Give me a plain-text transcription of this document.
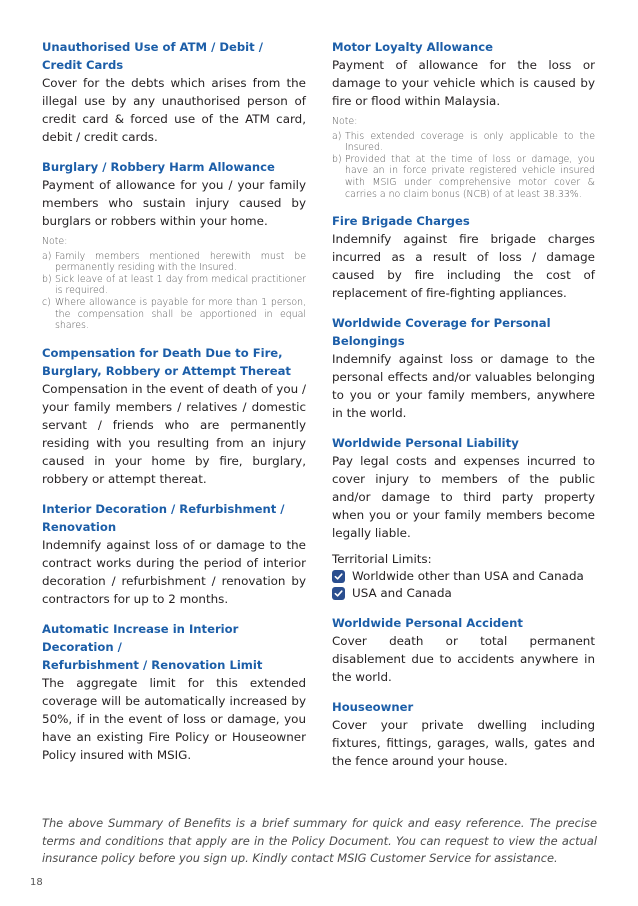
Unauthorised Use of ATM / Debit /
Credit Cards

Cover for the debts which arises from the illegal use by any unauthorised person of credit card & forced use of the ATM card, debit / credit cards.

Burglary / Robbery Harm Allowance

Payment of allowance for you / your family members who sustain injury caused by burglars or robbers within your home.

Note:

a) Family members mentioned herewith must be permanently residing with the Insured.
b) Sick leave of at least 1 day from medical practitioner is required.
c) Where allowance is payable for more than 1 person, the compensation shall be apportioned in equal shares.

Compensation for Death Due to Fire,
Burglary, Robbery or Attempt Thereat

Compensation in the event of death of you / your family members / relatives / domestic servant / friends who are permanently residing with you resulting from an injury caused in your home by fire, burglary, robbery or attempt thereat.

Interior Decoration / Refurbishment /
Renovation

Indemnify against loss of or damage to the contract works during the period of interior decoration / refurbishment / renovation by contractors for up to 2 months.

Automatic Increase in Interior Decoration /
Refurbishment / Renovation Limit

The aggregate limit for this extended coverage will be automatically increased by 50%, if in the event of loss or damage, you have an existing Fire Policy or Houseowner Policy insured with MSIG.

Motor Loyalty Allowance

Payment of allowance for the loss or damage to your vehicle which is caused by fire or flood within Malaysia.

Note:

a) This extended coverage is only applicable to the Insured.
b) Provided that at the time of loss or damage, you have an in force private registered vehicle insured with MSIG under comprehensive motor cover & carries a no claim bonus (NCB) of at least 38.33%.

Fire Brigade Charges

Indemnify against fire brigade charges incurred as a result of loss / damage caused by fire including the cost of replacement of fire-fighting appliances.

Worldwide Coverage for Personal Belongings

Indemnify against loss or damage to the personal effects and/or valuables belonging to you or your family members, anywhere in the world.

Worldwide Personal Liability

Pay legal costs and expenses incurred to cover injury to members of the public and/or damage to third party property when you or your family members become legally liable.

Territorial Limits:

Worldwide other than USA and Canada
USA and Canada

Worldwide Personal Accident

Cover death or total permanent disablement due to accidents anywhere in the world.

Houseowner

Cover your private dwelling including fixtures, fittings, garages, walls, gates and the fence around your house.

The above Summary of Benefits is a brief summary for quick and easy reference. The precise terms and conditions that apply are in the Policy Document. You can request to view the actual insurance policy before you sign up. Kindly contact MSIG Customer Service for assistance.

18
